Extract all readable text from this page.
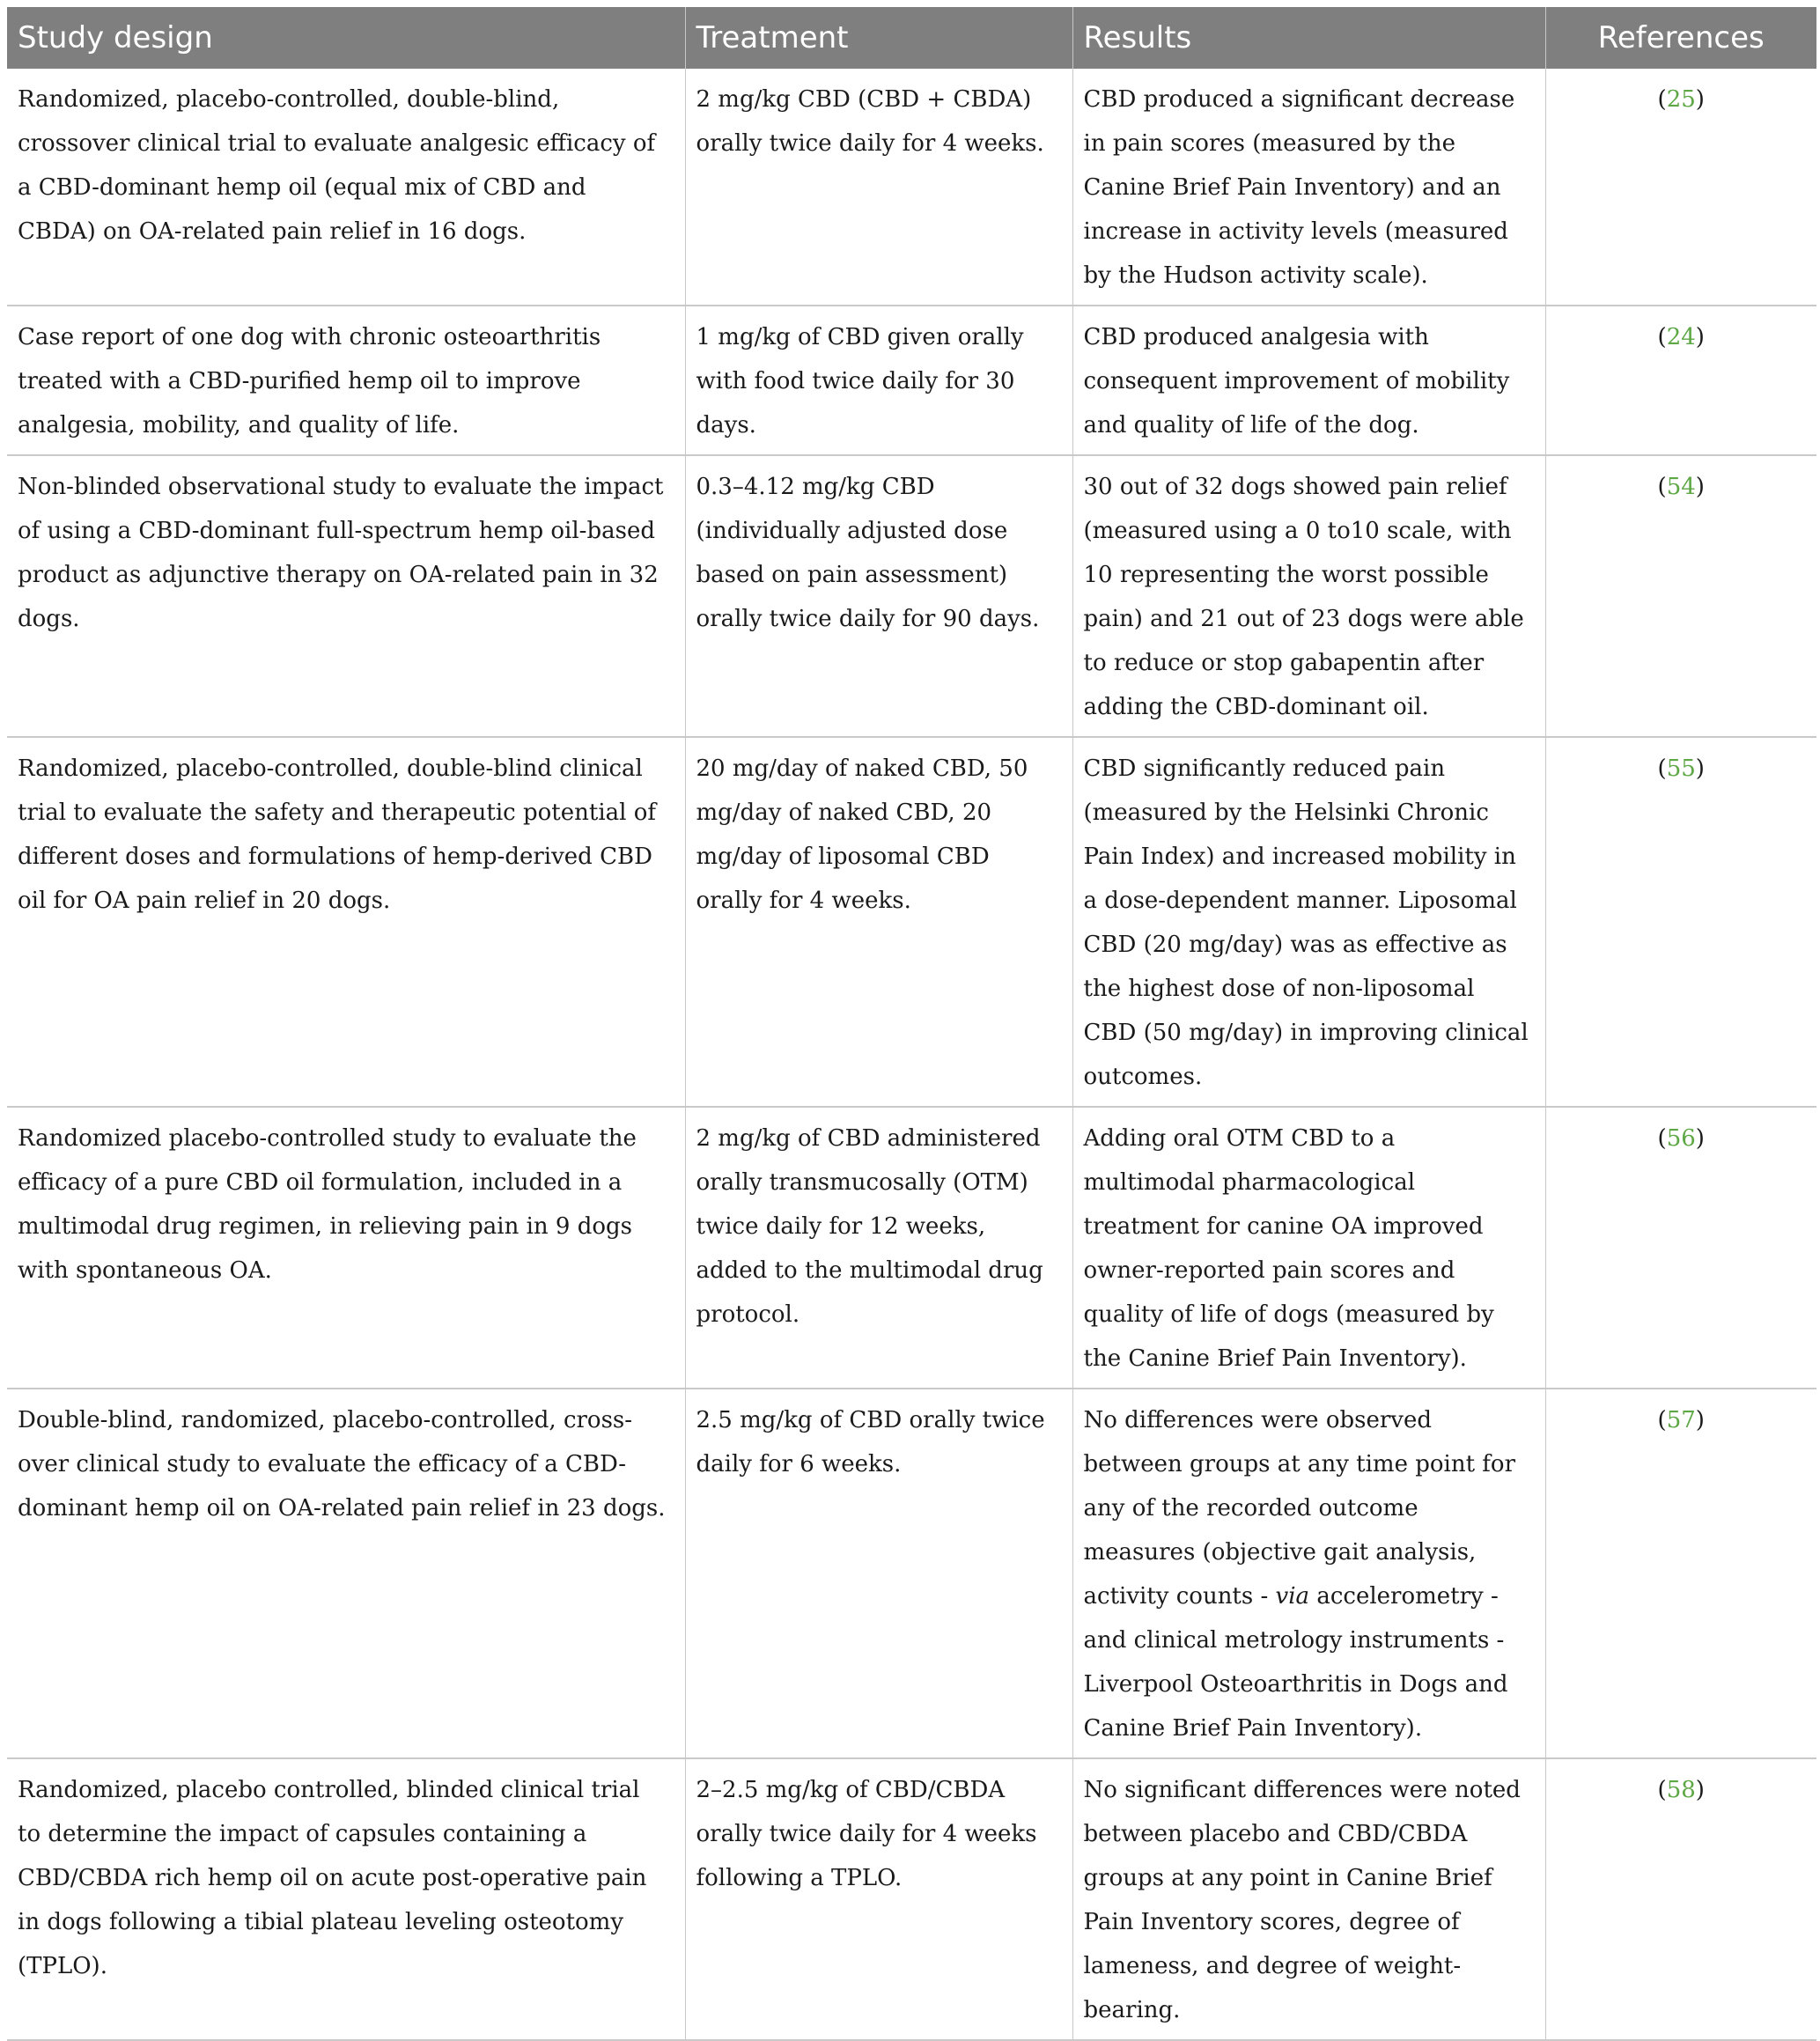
Study design	Treatment	Results	References
Randomized, placebo-controlled, double-blind, crossover clinical trial to evaluate analgesic efficacy of a CBD-dominant hemp oil (equal mix of CBD and CBDA) on OA-related pain relief in 16 dogs.	2 mg/kg CBD (CBD + CBDA) orally twice daily for 4 weeks.	CBD produced a significant decrease in pain scores (measured by the Canine Brief Pain Inventory) and an increase in activity levels (measured by the Hudson activity scale).	(25)
Case report of one dog with chronic osteoarthritis treated with a CBD-purified hemp oil to improve analgesia, mobility, and quality of life.	1 mg/kg of CBD given orally with food twice daily for 30 days.	CBD produced analgesia with consequent improvement of mobility and quality of life of the dog.	(24)
Non-blinded observational study to evaluate the impact of using a CBD-dominant full-spectrum hemp oil-based product as adjunctive therapy on OA-related pain in 32 dogs.	0.3–4.12 mg/kg CBD (individually adjusted dose based on pain assessment) orally twice daily for 90 days.	30 out of 32 dogs showed pain relief (measured using a 0 to10 scale, with 10 representing the worst possible pain) and 21 out of 23 dogs were able to reduce or stop gabapentin after adding the CBD-dominant oil.	(54)
Randomized, placebo-controlled, double-blind clinical trial to evaluate the safety and therapeutic potential of different doses and formulations of hemp-derived CBD oil for OA pain relief in 20 dogs.	20 mg/day of naked CBD, 50 mg/day of naked CBD, 20 mg/day of liposomal CBD orally for 4 weeks.	CBD significantly reduced pain (measured by the Helsinki Chronic Pain Index) and increased mobility in a dose-dependent manner. Liposomal CBD (20 mg/day) was as effective as the highest dose of non-liposomal CBD (50 mg/day) in improving clinical outcomes.	(55)
Randomized placebo-controlled study to evaluate the efficacy of a pure CBD oil formulation, included in a multimodal drug regimen, in relieving pain in 9 dogs with spontaneous OA.	2 mg/kg of CBD administered orally transmucosally (OTM) twice daily for 12 weeks, added to the multimodal drug protocol.	Adding oral OTM CBD to a multimodal pharmacological treatment for canine OA improved owner-reported pain scores and quality of life of dogs (measured by the Canine Brief Pain Inventory).	(56)
Double-blind, randomized, placebo-controlled, cross-over clinical study to evaluate the efficacy of a CBD-dominant hemp oil on OA-related pain relief in 23 dogs.	2.5 mg/kg of CBD orally twice daily for 6 weeks.	No differences were observed between groups at any time point for any of the recorded outcome measures (objective gait analysis, activity counts - via accelerometry - and clinical metrology instruments - Liverpool Osteoarthritis in Dogs and Canine Brief Pain Inventory).	(57)
Randomized, placebo controlled, blinded clinical trial to determine the impact of capsules containing a CBD/CBDA rich hemp oil on acute post-operative pain in dogs following a tibial plateau leveling osteotomy (TPLO).	2–2.5 mg/kg of CBD/CBDA orally twice daily for 4 weeks following a TPLO.	No significant differences were noted between placebo and CBD/CBDA groups at any point in Canine Brief Pain Inventory scores, degree of lameness, and degree of weight-bearing.	(58)
